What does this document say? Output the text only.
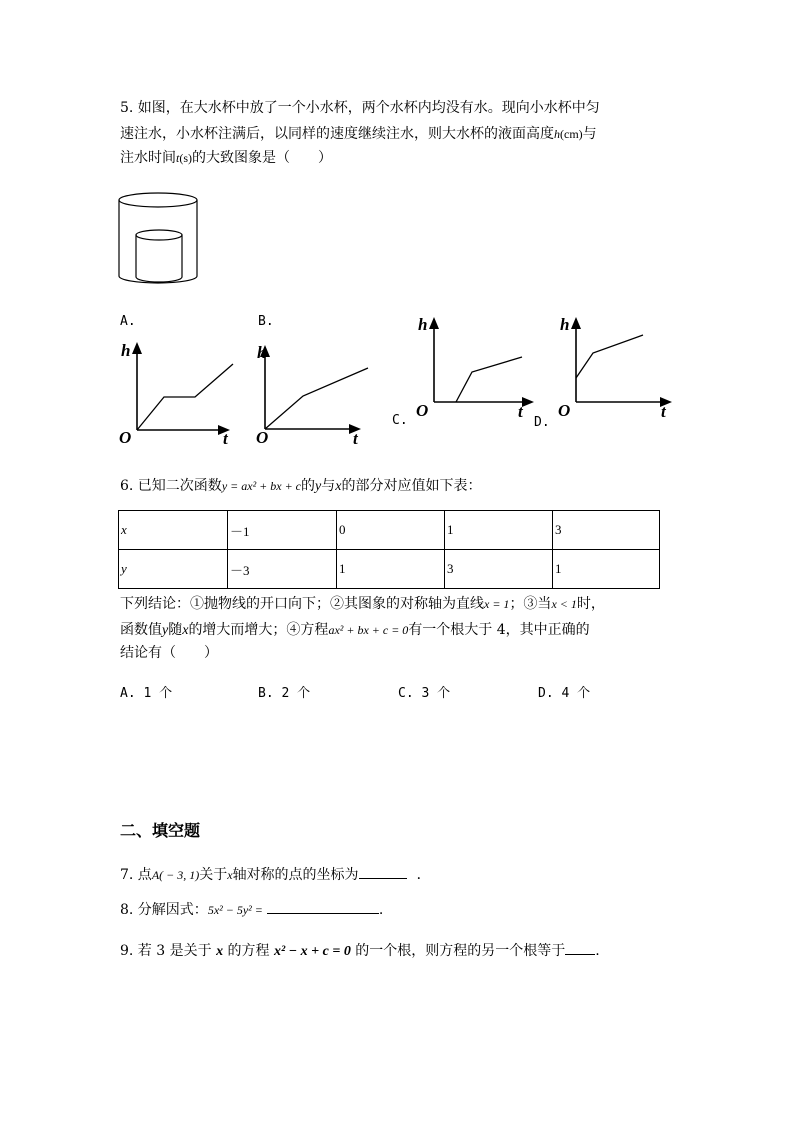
5. 如图，在大水杯中放了一个小水杯，两个水杯内均没有水。现向小水杯中匀
速注水，小水杯注满后，以同样的速度继续注水，则大水杯的液面高度h(cm)与
注水时间t(s)的大致图象是（　　）
A.	B.
h
O	t
h
O	t
h
O	t
C.
h
O	t
D.
6. 已知二次函数y = ax² + bx + c的y与x的部分对应值如下表：
x	－1	0	1	3
y	－3	1	3	1
下列结论：①抛物线的开口向下；②其图象的对称轴为直线x = 1；③当x < 1时，
函数值y随x的增大而增大；④方程ax² + bx + c = 0有一个根大于 4，其中正确的
结论有（　　）
A. 1 个	B. 2 个	C. 3 个	D. 4 个
二、填空题
7. 点A( − 3, 1)关于x轴对称的点的坐标为	．
8. 分解因式：5x² − 5y² =	.
9. 若 3 是关于 x 的方程 x² − x + c = 0 的一个根，则方程的另一个根等于 .
